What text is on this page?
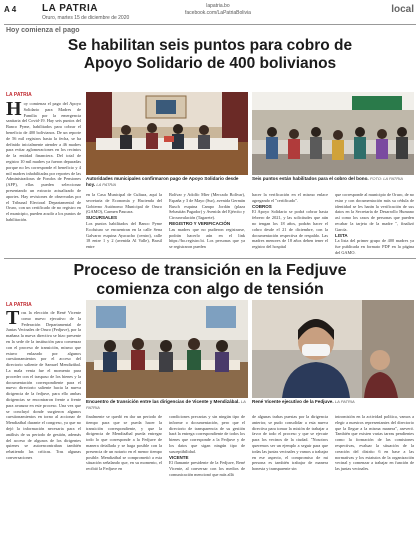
A 4	LA PATRIA
Oruro, martes 15 de diciembre de 2020
lapatria.bo
facebook.com/LaPatriaBolivia	local
Hoy comienza el pago
Se habilitan seis puntos para cobro de
Apoyo Solidario de 400 bolivianos
LA PATRIA
H oy comienza el pago del Apoyo Solidario para Madres de Familia por la emergencia sanitaria del Covid-19. Hay seis puntos del Banco Pyme, habilitados para cobrar el beneficio de 400 bolivianos. De un reporte de 56 mil registros hasta la fecha, se ha definido inicialmente atender a 46 madres para evitar aglomeraciones en los recintos de la entidad financiera. Del total de registro 10 mil madres ya fueron depuradas porque no les corresponde el beneficio y 4 mil madres inhabilitadas por reportes de las Administradoras de Fondos de Pensiones (AFP), ellas pueden seleccionar presentando un extracto actualizado de aportes. Hay revisiones de observadas por el Tribunal Electoral Departamental de Oruro, con un certificado de no registro en el municipio, pueden acudir a los puntos de habilitación.
Autoridades municipales confirmaron pago de Apoyo Solidario desde hoy. LA PATRIA
Seis puntos están habilitados para el cobro del bono. FOTO: LA PATRIA
en la Casa Municipal de Cultura, aquí la secretaria de Economía y Hacienda del Gobierno Autónomo Municipal de Oruro (GAMO), Carmen Paucara.
SUCURSALES
Los puntos habilitados del Banco Pyme Ecofuturo se encuentran en la calle Sena Galvarro esquina Ayacucho (centro), calle 18 entre 1 y 2 (avenida Al Valle), Brasil entre
Bolívar y Adolfo Mier (Mercado Bolívar), España y 3 de Mayo (Sur), avenida Germán Busch esquina Campo Jordán (plaza Sebastián Pagador) y Avenida del Ejército y Circunvalación (Tagarete).
REGISTRO Y VERIFICACIÓN
Las madres que no pudieron registrarse, podrán hacerlo aún en el link https://bo.registro.bi. Los personas que ya se registraron pueden
hacer la verificación en el mismo enlace agregando el "certificado".
COBROS
El Apoyo Solidario se podrá cobrar hasta febrero de 2021, y las solicitudes que aún no tengan los 18 años, podrán hacer el cobro desde el 21 de diciembre, con la documentación respectiva de respaldo. Las madres menores de 18 años deben tener el registro del hospital
que corresponde al municipio de Oruro, de no estar y con documentación más su cédula de identidad se les harán la verificación de sus datos en la Secretaría de Desarrollo Humano así como los casos de personas que pueden recabar la tarjeta de la madre ", finalizó García.
LISTA
La lista del primer grupo de 400 madres ya fue publicada en formato PDF en la página del GAMO.
Proceso de transición en la Fedjuve
comienza con algo de tensión
LA PATRIA
T ras la elección de René Vicente como nuevo ejecutivo de la Federación Departamental de Juntas Vecinales de Oruro (Fedjuve), por la mañana la nueva directiva se hizo presente en la sede de la institución para comenzar con el proceso de transición, mismo que estuvo enlazado por algunos cuestionamientos por el acceso del directorio saliente de Samuel Mendizábal. La mala venia fue el momento para proceder con el traspaso de los bienes y la documentación correspondiente para el nuevo directorio saliente hacia la nueva dirigencia de la fedjuve, para ello ambas dirigencias se encontraron frente a frente para avanzar en este proceso. Una vez que se concluyó donde surgieron algunos cuestionamientos en torno al accionar de Mendizábal durante el congreso, ya que no dejó la información necesaria para el análisis de su periodo de gestión, además del acceso de algunos de los dirigentes quienes se autoencontraban también rebatiendo las críticas. Tras algunas conversaciones
Encuentro de transición entre las dirigencias de Vicente y Mendizábal. LA PATRIA
René Vicente ejecutivo de la Fedjuve. LA PATRIA
finalmente se quedó en dar un periodo de tiempo para que se pueda hacer la transición correspondiente, y que la dirigencia de Mendizábal pueda entregar todo lo que corresponde a la Fedjuve de manera detallada y se haga posible con la presencia de un notario en el menor tiempo posible. Mendizábal se comprometió a esta situación señalando que, en su momento, el recibió la Fedjuve en
condiciones precarias y sin ningún tipo de informe o documentación, pero que el directorio de transparencia de su gestión hará la entrega correspondiente de todos los bienes que corresponde a la Fedjuve y de los datos que sigan ningún tipo de susceptibilidad.
VICENTE
El flamante presidente de la Fedjuve, René Vicente, al conversar con los medios de comunicación mencionó que más allá
de algunas trabas puestas por la dirigencia anterior, se pudo consolidar a esta nueva directiva para tomar la misión de trabajar a favor de todo el proceso y que se ejecute para los vecinos de la ciudad. "Nosotros queremos ser un ejemplo a seguir para que todas las juntas vecinales y vamos a trabajar en ese aspecto, el compromiso de mi persona es también trabajar de manera honesta y transparente sin
intromisión en la actividad política, vamos a elegir a nuestros representantes del directorio que la llegue a la misma manera", aseveró. También que existen varias tareas pendientes como la formación de las comisiones respectivas, evaluar la situación de la creación del distrito 6 en base a las normativas y los estatutos de la organización vecinal y comenzar a trabajar en función de las juntas vecinales.
